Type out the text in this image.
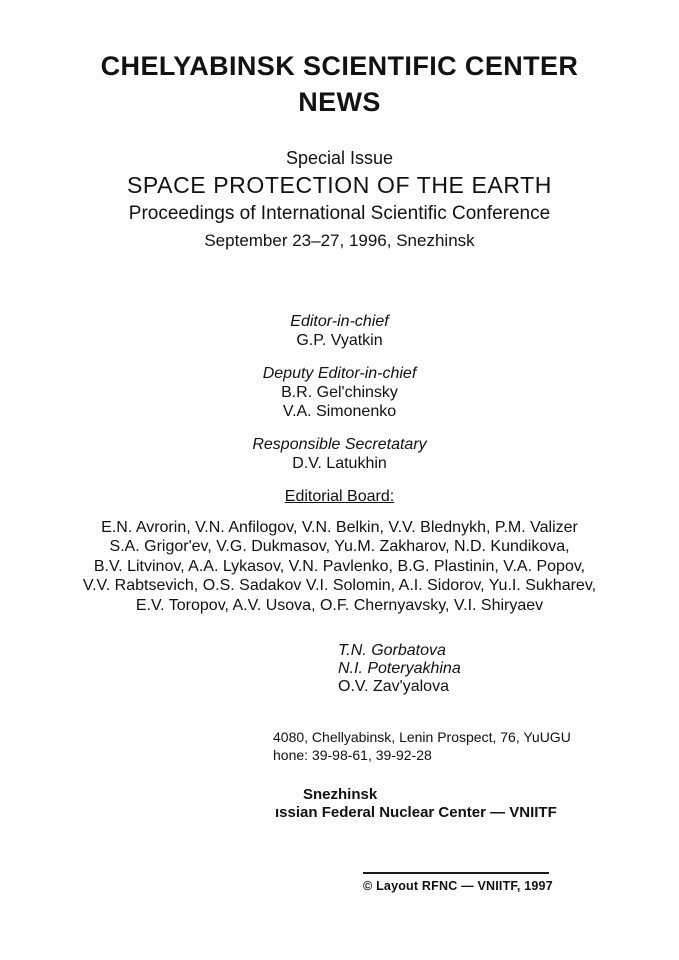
CHELYABINSK SCIENTIFIC CENTER
NEWS
Special Issue
SPACE PROTECTION OF THE EARTH
Proceedings of International Scientific Conference
September 23–27, 1996, Snezhinsk
Editor-in-chief
G.P. Vyatkin
Deputy Editor-in-chief
B.R. Gel'chinsky
V.A. Simonenko
Responsible Secretatary
D.V. Latukhin
Editorial Board:
E.N. Avrorin, V.N. Anfilogov, V.N. Belkin, V.V. Blednykh, P.M. Valizer
S.A. Grigor'ev, V.G. Dukmasov, Yu.M. Zakharov, N.D. Kundikova,
B.V. Litvinov, A.A. Lykasov, V.N. Pavlenko, B.G. Plastinin, V.A. Popov,
V.V. Rabtsevich, O.S. Sadakov V.I. Solomin, A.I. Sidorov, Yu.I. Sukharev,
E.V. Toropov, A.V. Usova, O.F. Chernyavsky, V.I. Shiryaev
T.N. Gorbatova
N.I. Poteryakhina
O.V. Zav'yalova
4080, Chellyabinsk, Lenin Prospect, 76, YuUGU
hone: 39-98-61, 39-92-28
Snezhinsk
ıssian Federal Nuclear Center — VNIITF
© Layout RFNC — VNIITF, 1997
